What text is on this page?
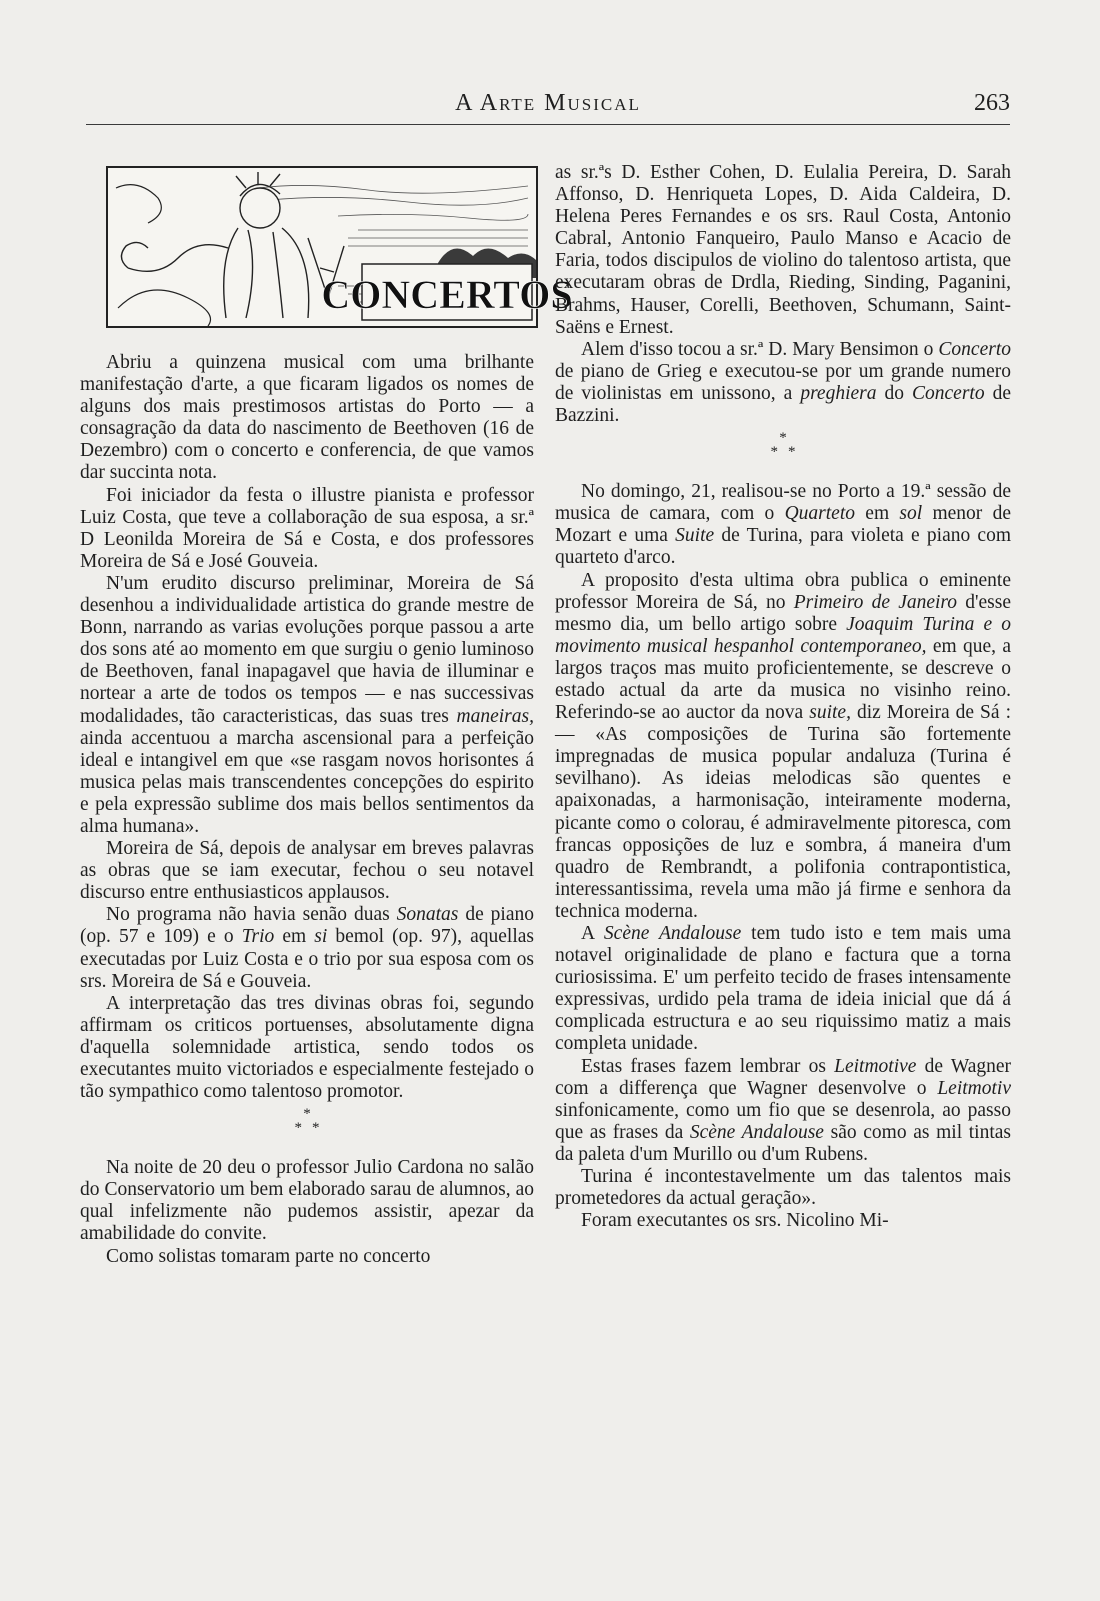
A Arte Musical	263
CONCERTOS

Abriu a quinzena musical com uma brilhante manifestação d'arte, a que ficaram ligados os nomes de alguns dos mais prestimosos artistas do Porto — a consagração da data do nascimento de Beethoven (16 de Dezembro) com o concerto e conferencia, de que vamos dar succinta nota.

Foi iniciador da festa o illustre pianista e professor Luiz Costa, que teve a collaboração de sua esposa, a sr.ª D Leonilda Moreira de Sá e Costa, e dos professores Moreira de Sá e José Gouveia.

N'um erudito discurso preliminar, Moreira de Sá desenhou a individualidade artistica do grande mestre de Bonn, narrando as varias evoluções porque passou a arte dos sons até ao momento em que surgiu o genio luminoso de Beethoven, fanal inapagavel que havia de illuminar e nortear a arte de todos os tempos — e nas successivas modalidades, tão caracteristicas, das suas tres maneiras, ainda accentuou a marcha ascensional para a perfeição ideal e intangivel em que «se rasgam novos horisontes á musica pelas mais transcendentes concepções do espirito e pela expressão sublime dos mais bellos sentimentos da alma humana».

Moreira de Sá, depois de analysar em breves palavras as obras que se iam executar, fechou o seu notavel discurso entre enthusiasticos applausos.

No programa não havia senão duas Sonatas de piano (op. 57 e 109) e o Trio em si bemol (op. 97), aquellas executadas por Luiz Costa e o trio por sua esposa com os srs. Moreira de Sá e Gouveia.

A interpretação das tres divinas obras foi, segundo affirmam os criticos portuenses, absolutamente digna d'aquella solemnidade artistica, sendo todos os executantes muito victoriados e especialmente festejado o tão sympathico como talentoso promotor.

*
**

Na noite de 20 deu o professor Julio Cardona no salão do Conservatorio um bem elaborado sarau de alumnos, ao qual infelizmente não pudemos assistir, apezar da amabilidade do convite.

Como solistas tomaram parte no concerto

as sr.ªs D. Esther Cohen, D. Eulalia Pereira, D. Sarah Affonso, D. Henriqueta Lopes, D. Aida Caldeira, D. Helena Peres Fernandes e os srs. Raul Costa, Antonio Cabral, Antonio Fanqueiro, Paulo Manso e Acacio de Faria, todos discipulos de violino do talentoso artista, que executaram obras de Drdla, Rieding, Sinding, Paganini, Brahms, Hauser, Corelli, Beethoven, Schumann, Saint-Saëns e Ernest.

Alem d'isso tocou a sr.ª D. Mary Bensimon o Concerto de piano de Grieg e executou-se por um grande numero de violinistas em unissono, a preghiera do Concerto de Bazzini.

*
**

No domingo, 21, realisou-se no Porto a 19.ª sessão de musica de camara, com o Quarteto em sol menor de Mozart e uma Suite de Turina, para violeta e piano com quarteto d'arco.

A proposito d'esta ultima obra publica o eminente professor Moreira de Sá, no Primeiro de Janeiro d'esse mesmo dia, um bello artigo sobre Joaquim Turina e o movimento musical hespanhol contemporaneo, em que, a largos traços mas muito proficientemente, se descreve o estado actual da arte da musica no visinho reino. Referindo-se ao auctor da nova suite, diz Moreira de Sá : — «As composições de Turina são fortemente impregnadas de musica popular andaluza (Turina é sevilhano). As ideias melodicas são quentes e apaixonadas, a harmonisação, inteiramente moderna, picante como o colorau, é admiravelmente pitoresca, com francas opposições de luz e sombra, á maneira d'um quadro de Rembrandt, a polifonia contrapontistica, interessantissima, revela uma mão já firme e senhora da technica moderna.

A Scène Andalouse tem tudo isto e tem mais uma notavel originalidade de plano e factura que a torna curiosissima. E' um perfeito tecido de frases intensamente expressivas, urdido pela trama de ideia inicial que dá á complicada estructura e ao seu riquissimo matiz a mais completa unidade.

Estas frases fazem lembrar os Leitmotive de Wagner com a differença que Wagner desenvolve o Leitmotiv sinfonicamente, como um fio que se desenrola, ao passo que as frases da Scène Andalouse são como as mil tintas da paleta d'um Murillo ou d'um Rubens.

Turina é incontestavelmente um das talentos mais prometedores da actual geração».

Foram executantes os srs. Nicolino Mi-
